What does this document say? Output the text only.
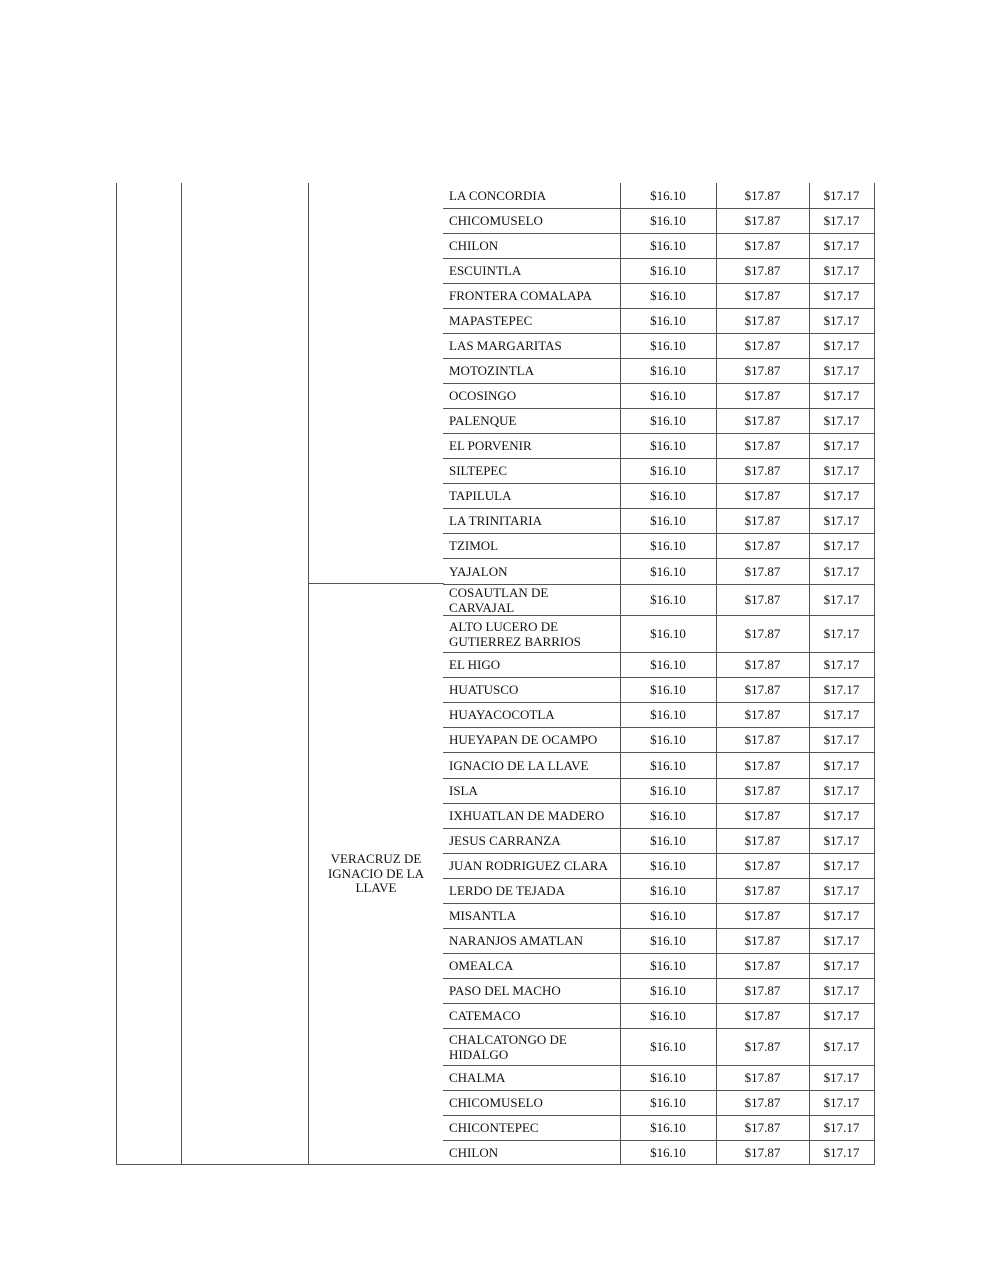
VERACRUZ DE
IGNACIO DE LA
LLAVE
LA CONCORDIA	$16.10	$17.87	$17.17
CHICOMUSELO	$16.10	$17.87	$17.17
CHILON	$16.10	$17.87	$17.17
ESCUINTLA	$16.10	$17.87	$17.17
FRONTERA COMALAPA	$16.10	$17.87	$17.17
MAPASTEPEC	$16.10	$17.87	$17.17
LAS MARGARITAS	$16.10	$17.87	$17.17
MOTOZINTLA	$16.10	$17.87	$17.17
OCOSINGO	$16.10	$17.87	$17.17
PALENQUE	$16.10	$17.87	$17.17
EL PORVENIR	$16.10	$17.87	$17.17
SILTEPEC	$16.10	$17.87	$17.17
TAPILULA	$16.10	$17.87	$17.17
LA TRINITARIA	$16.10	$17.87	$17.17
TZIMOL	$16.10	$17.87	$17.17
YAJALON	$16.10	$17.87	$17.17

COSAUTLAN DE
CARVAJAL	$16.10	$17.87	$17.17

ALTO LUCERO DE
GUTIERREZ BARRIOS	$16.10	$17.87	$17.17
EL HIGO	$16.10	$17.87	$17.17
HUATUSCO	$16.10	$17.87	$17.17
HUAYACOCOTLA	$16.10	$17.87	$17.17
HUEYAPAN DE OCAMPO	$16.10	$17.87	$17.17
IGNACIO DE LA LLAVE	$16.10	$17.87	$17.17
ISLA	$16.10	$17.87	$17.17
IXHUATLAN DE MADERO	$16.10	$17.87	$17.17
JESUS CARRANZA	$16.10	$17.87	$17.17
JUAN RODRIGUEZ CLARA	$16.10	$17.87	$17.17
LERDO DE TEJADA	$16.10	$17.87	$17.17
MISANTLA	$16.10	$17.87	$17.17
NARANJOS AMATLAN	$16.10	$17.87	$17.17
OMEALCA	$16.10	$17.87	$17.17
PASO DEL MACHO	$16.10	$17.87	$17.17
CATEMACO	$16.10	$17.87	$17.17

CHALCATONGO DE
HIDALGO	$16.10	$17.87	$17.17
CHALMA	$16.10	$17.87	$17.17
CHICOMUSELO	$16.10	$17.87	$17.17
CHICONTEPEC	$16.10	$17.87	$17.17
CHILON	$16.10	$17.87	$17.17
